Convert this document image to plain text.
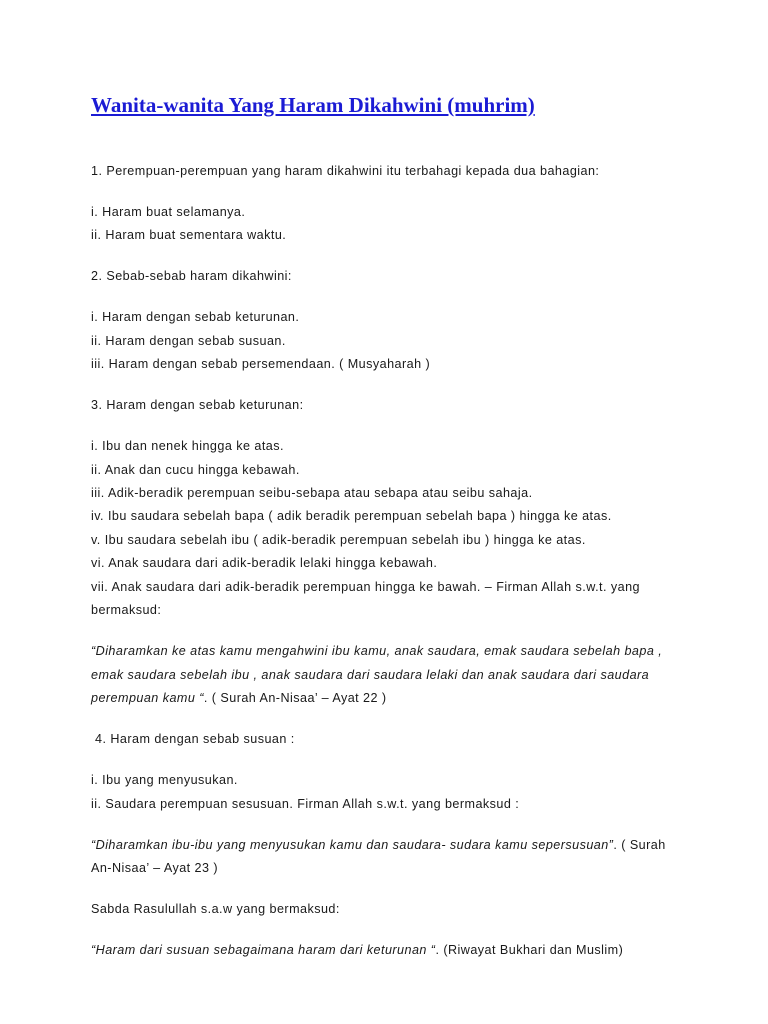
Wanita-wanita Yang Haram Dikahwini (muhrim)

1. Perempuan-perempuan yang haram dikahwini itu terbahagi kepada dua bahagian:

i. Haram buat selamanya.

ii. Haram buat sementara waktu.

2. Sebab-sebab haram dikahwini:

i. Haram dengan sebab keturunan.

ii. Haram dengan sebab susuan.

iii. Haram dengan sebab persemendaan. ( Musyaharah )

3. Haram dengan sebab keturunan:

i. Ibu dan nenek hingga ke atas.

ii. Anak dan cucu hingga kebawah.

iii. Adik-beradik perempuan seibu-sebapa atau sebapa atau seibu sahaja.

iv. Ibu saudara sebelah bapa ( adik beradik perempuan sebelah bapa ) hingga ke atas.

v. Ibu saudara sebelah ibu ( adik-beradik perempuan sebelah ibu ) hingga ke atas.

vi. Anak saudara dari adik-beradik lelaki hingga kebawah.

vii. Anak saudara dari adik-beradik perempuan hingga ke bawah. – Firman Allah s.w.t. yang bermaksud:

“Diharamkan ke atas kamu mengahwini ibu kamu, anak saudara, emak saudara sebelah bapa , emak saudara sebelah ibu , anak saudara dari saudara lelaki dan anak saudara dari saudara perempuan kamu “. ( Surah An-Nisaa’ – Ayat 22 )

4. Haram dengan sebab susuan :

i. Ibu yang menyusukan.

ii. Saudara perempuan sesusuan. Firman Allah s.w.t. yang bermaksud :

“Diharamkan ibu-ibu yang menyusukan kamu dan saudara- sudara kamu sepersusuan”. ( Surah An-Nisaa’ – Ayat 23 )

Sabda Rasulullah s.a.w yang bermaksud:

“Haram dari susuan sebagaimana haram dari keturunan “. (Riwayat Bukhari dan Muslim)
